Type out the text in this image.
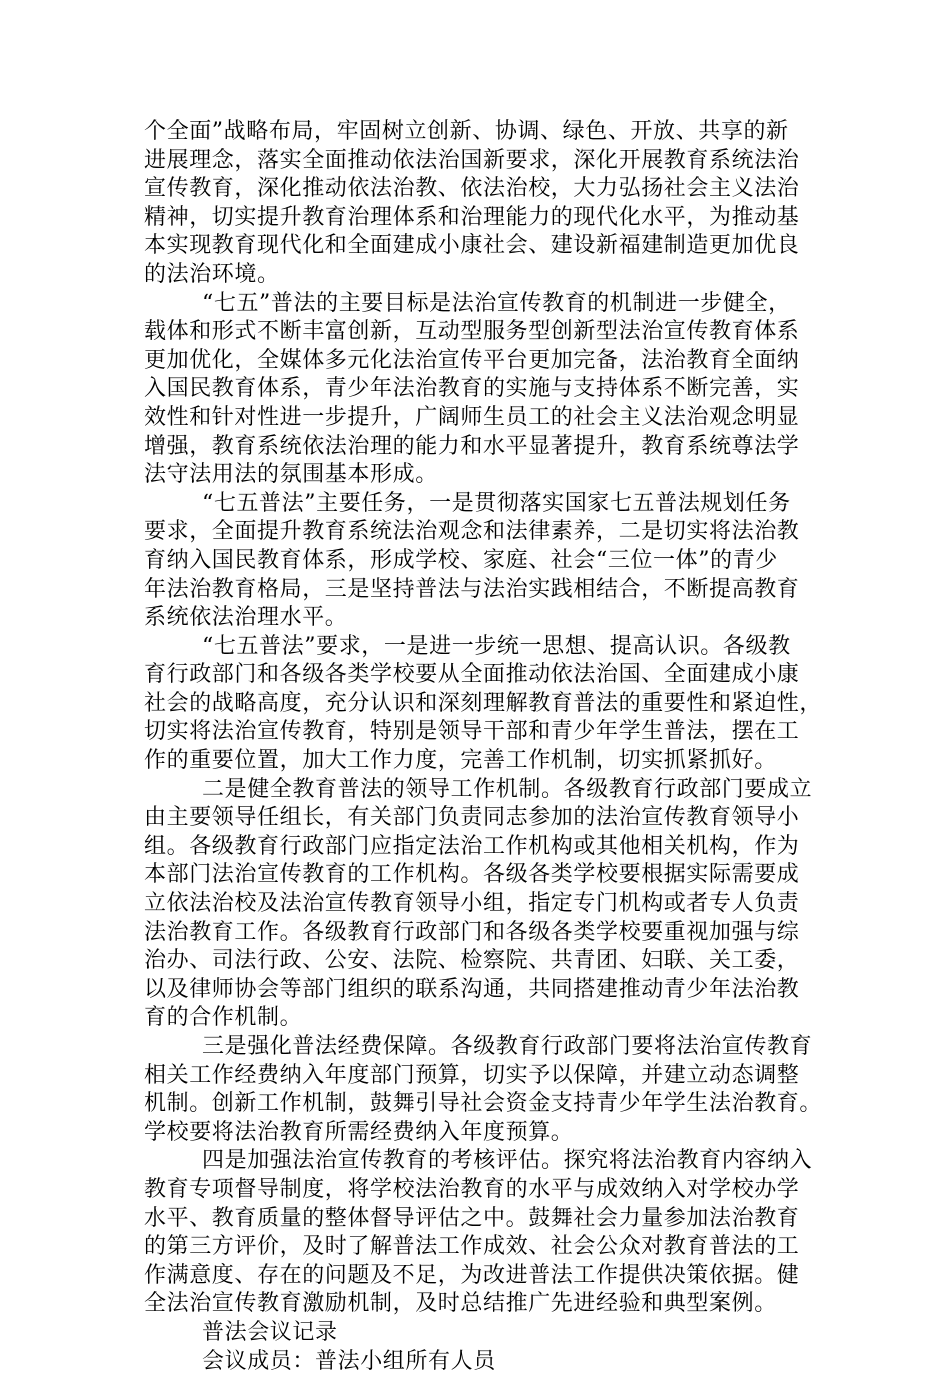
个全面”战略布局，牢固树立创新、协调、绿色、开放、共享的新
进展理念，落实全面推动依法治国新要求，深化开展教育系统法治
宣传教育，深化推动依法治教、依法治校，大力弘扬社会主义法治
精神，切实提升教育治理体系和治理能力的现代化水平，为推动基
本实现教育现代化和全面建成小康社会、建设新福建制造更加优良
的法治环境。
“七五”普法的主要目标是法治宣传教育的机制进一步健全，
载体和形式不断丰富创新，互动型服务型创新型法治宣传教育体系
更加优化，全媒体多元化法治宣传平台更加完备，法治教育全面纳
入国民教育体系，青少年法治教育的实施与支持体系不断完善，实
效性和针对性进一步提升，广阔师生员工的社会主义法治观念明显
增强，教育系统依法治理的能力和水平显著提升，教育系统尊法学
法守法用法的氛围基本形成。
“七五普法”主要任务，一是贯彻落实国家七五普法规划任务
要求，全面提升教育系统法治观念和法律素养，二是切实将法治教
育纳入国民教育体系，形成学校、家庭、社会“三位一体”的青少
年法治教育格局，三是坚持普法与法治实践相结合，不断提高教育
系统依法治理水平。
“七五普法”要求，一是进一步统一思想、提高认识。各级教
育行政部门和各级各类学校要从全面推动依法治国、全面建成小康
社会的战略高度，充分认识和深刻理解教育普法的重要性和紧迫性，
切实将法治宣传教育，特别是领导干部和青少年学生普法，摆在工
作的重要位置，加大工作力度，完善工作机制，切实抓紧抓好。
二是健全教育普法的领导工作机制。各级教育行政部门要成立
由主要领导任组长，有关部门负责同志参加的法治宣传教育领导小
组。各级教育行政部门应指定法治工作机构或其他相关机构，作为
本部门法治宣传教育的工作机构。各级各类学校要根据实际需要成
立依法治校及法治宣传教育领导小组，指定专门机构或者专人负责
法治教育工作。各级教育行政部门和各级各类学校要重视加强与综
治办、司法行政、公安、法院、检察院、共青团、妇联、关工委，
以及律师协会等部门组织的联系沟通，共同搭建推动青少年法治教
育的合作机制。
三是强化普法经费保障。各级教育行政部门要将法治宣传教育
相关工作经费纳入年度部门预算，切实予以保障，并建立动态调整
机制。创新工作机制，鼓舞引导社会资金支持青少年学生法治教育。
学校要将法治教育所需经费纳入年度预算。
四是加强法治宣传教育的考核评估。探究将法治教育内容纳入
教育专项督导制度，将学校法治教育的水平与成效纳入对学校办学
水平、教育质量的整体督导评估之中。鼓舞社会力量参加法治教育
的第三方评价，及时了解普法工作成效、社会公众对教育普法的工
作满意度、存在的问题及不足，为改进普法工作提供决策依据。健
全法治宣传教育激励机制，及时总结推广先进经验和典型案例。
普法会议记录
会议成员：普法小组所有人员
